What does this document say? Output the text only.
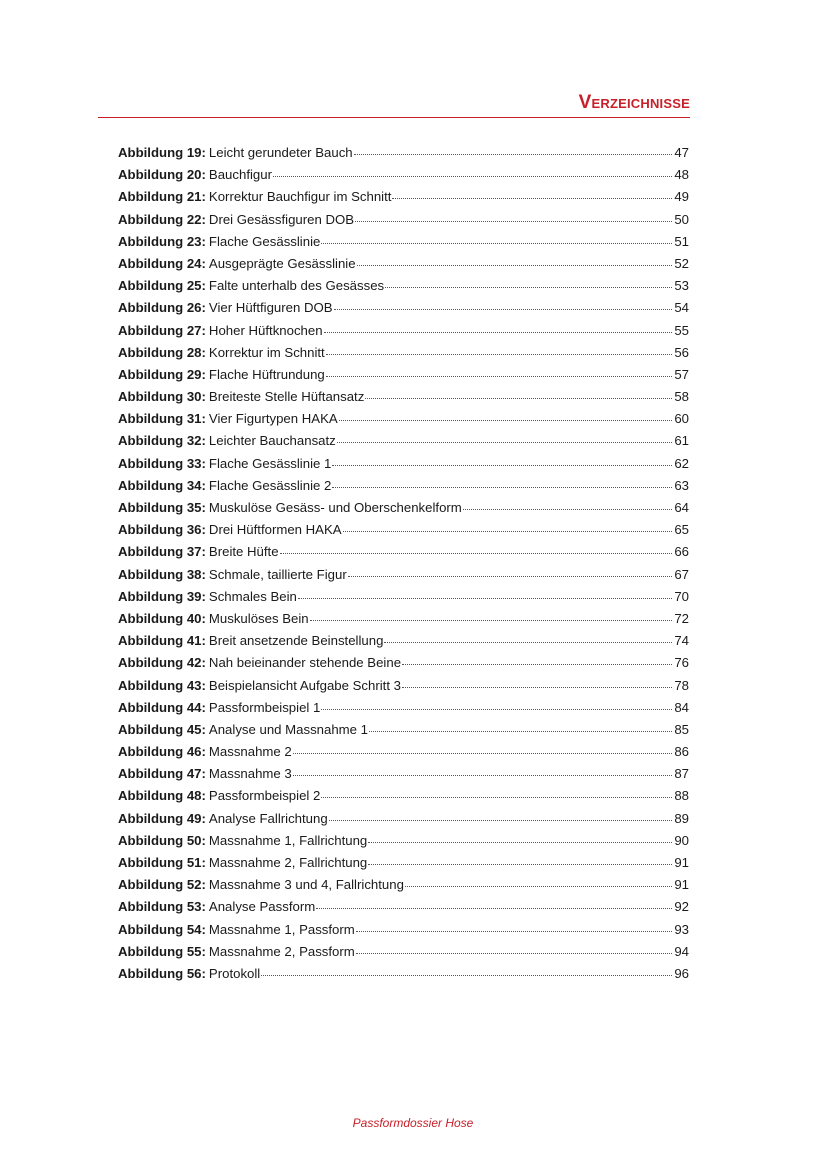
Verzeichnisse
Abbildung 19: Leicht gerundeter Bauch	47
Abbildung 20: Bauchfigur	48
Abbildung 21: Korrektur Bauchfigur im Schnitt	49
Abbildung 22: Drei Gesässfiguren DOB	50
Abbildung 23: Flache Gesässlinie	51
Abbildung 24: Ausgeprägte Gesässlinie	52
Abbildung 25: Falte unterhalb des Gesässes	53
Abbildung 26: Vier Hüftfiguren DOB	54
Abbildung 27: Hoher Hüftknochen	55
Abbildung 28: Korrektur im Schnitt	56
Abbildung 29: Flache Hüftrundung	57
Abbildung 30: Breiteste Stelle Hüftansatz	58
Abbildung 31: Vier Figurtypen HAKA	60
Abbildung 32: Leichter Bauchansatz	61
Abbildung 33: Flache Gesässlinie 1	62
Abbildung 34: Flache Gesässlinie 2	63
Abbildung 35: Muskulöse Gesäss- und Oberschenkelform	64
Abbildung 36: Drei Hüftformen HAKA	65
Abbildung 37: Breite Hüfte	66
Abbildung 38: Schmale, taillierte Figur	67
Abbildung 39: Schmales Bein	70
Abbildung 40: Muskulöses Bein	72
Abbildung 41: Breit ansetzende Beinstellung	74
Abbildung 42: Nah beieinander stehende Beine	76
Abbildung 43: Beispielansicht Aufgabe Schritt 3	78
Abbildung 44: Passformbeispiel 1	84
Abbildung 45: Analyse und Massnahme 1	85
Abbildung 46: Massnahme 2	86
Abbildung 47: Massnahme 3	87
Abbildung 48: Passformbeispiel 2	88
Abbildung 49: Analyse Fallrichtung	89
Abbildung 50: Massnahme 1, Fallrichtung	90
Abbildung 51: Massnahme 2, Fallrichtung	91
Abbildung 52: Massnahme 3 und 4, Fallrichtung	91
Abbildung 53: Analyse Passform	92
Abbildung 54: Massnahme 1, Passform	93
Abbildung 55: Massnahme 2, Passform	94
Abbildung 56: Protokoll	96
Passformdossier Hose
